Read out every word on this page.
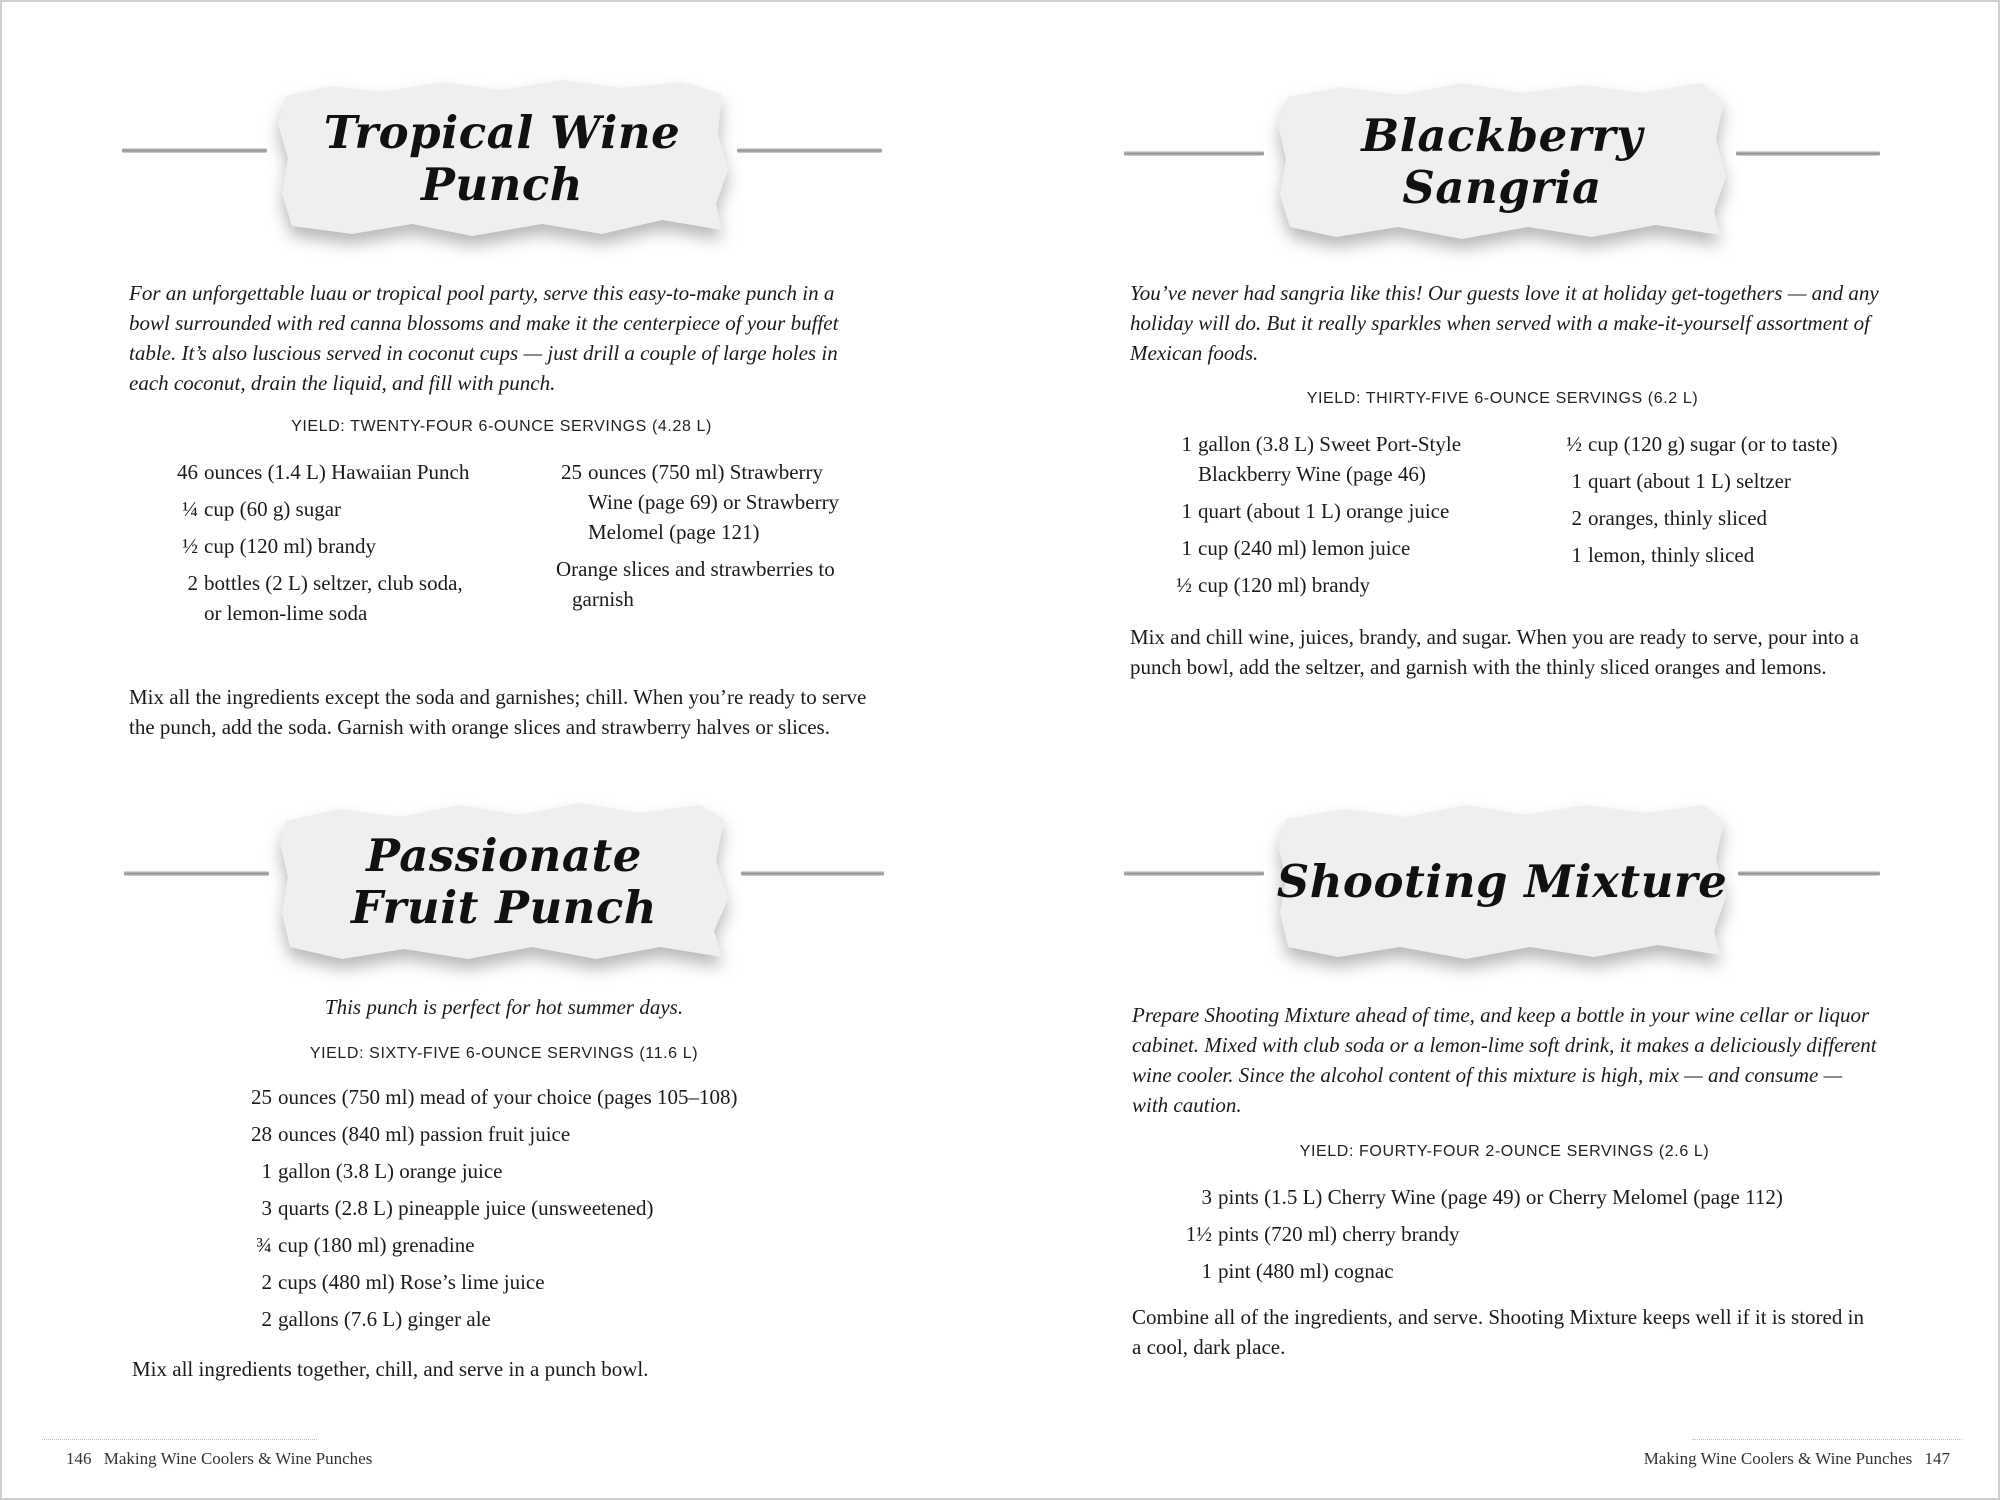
Tropical Wine Punch

For an unforgettable luau or tropical pool party, serve this easy-to-make punch in a bowl surrounded with red canna blossoms and make it the centerpiece of your buffet table. It’s also luscious served in coconut cups — just drill a couple of large holes in each coconut, drain the liquid, and fill with punch.

YIELD: TWENTY-FOUR 6-OUNCE SERVINGS (4.28 L)
46 ounces (1.4 L) Hawaiian Punch
¼ cup (60 g) sugar
½ cup (120 ml) brandy
2 bottles (2 L) seltzer, club soda, or lemon-lime soda
25 ounces (750 ml) Strawberry Wine (page 69) or Strawberry Melomel (page 121)
Orange slices and strawberries to garnish

Mix all the ingredients except the soda and garnishes; chill. When you’re ready to serve the punch, add the soda. Garnish with orange slices and strawberry halves or slices.

Blackberry Sangria

You’ve never had sangria like this! Our guests love it at holiday get-togethers — and any holiday will do. But it really sparkles when served with a make-it-yourself assortment of Mexican foods.

YIELD: THIRTY-FIVE 6-OUNCE SERVINGS (6.2 L)
1 gallon (3.8 L) Sweet Port-Style Blackberry Wine (page 46)
1 quart (about 1 L) orange juice
1 cup (240 ml) lemon juice
½ cup (120 ml) brandy
½ cup (120 g) sugar (or to taste)
1 quart (about 1 L) seltzer
2 oranges, thinly sliced
1 lemon, thinly sliced

Mix and chill wine, juices, brandy, and sugar. When you are ready to serve, pour into a punch bowl, add the seltzer, and garnish with the thinly sliced oranges and lemons.

Passionate
Fruit Punch

This punch is perfect for hot summer days.

YIELD: SIXTY-FIVE 6-OUNCE SERVINGS (11.6 L)
25 ounces (750 ml) mead of your choice (pages 105–108)
28 ounces (840 ml) passion fruit juice
1 gallon (3.8 L) orange juice
3 quarts (2.8 L) pineapple juice (unsweetened)
¾ cup (180 ml) grenadine
2 cups (480 ml) Rose’s lime juice
2 gallons (7.6 L) ginger ale

Mix all ingredients together, chill, and serve in a punch bowl.

Shooting Mixture

Prepare Shooting Mixture ahead of time, and keep a bottle in your wine cellar or liquor cabinet. Mixed with club soda or a lemon-lime soft drink, it makes a deliciously different wine cooler. Since the alcohol content of this mixture is high, mix — and consume — with caution.

YIELD: FOURTY-FOUR 2-OUNCE SERVINGS (2.6 L)
3 pints (1.5 L) Cherry Wine (page 49) or Cherry Melomel (page 112)
1½ pints (720 ml) cherry brandy
1 pint (480 ml) cognac

Combine all of the ingredients, and serve. Shooting Mixture keeps well if it is stored in a cool, dark place.

146 Making Wine Coolers & Wine Punches	Making Wine Coolers & Wine Punches 147
